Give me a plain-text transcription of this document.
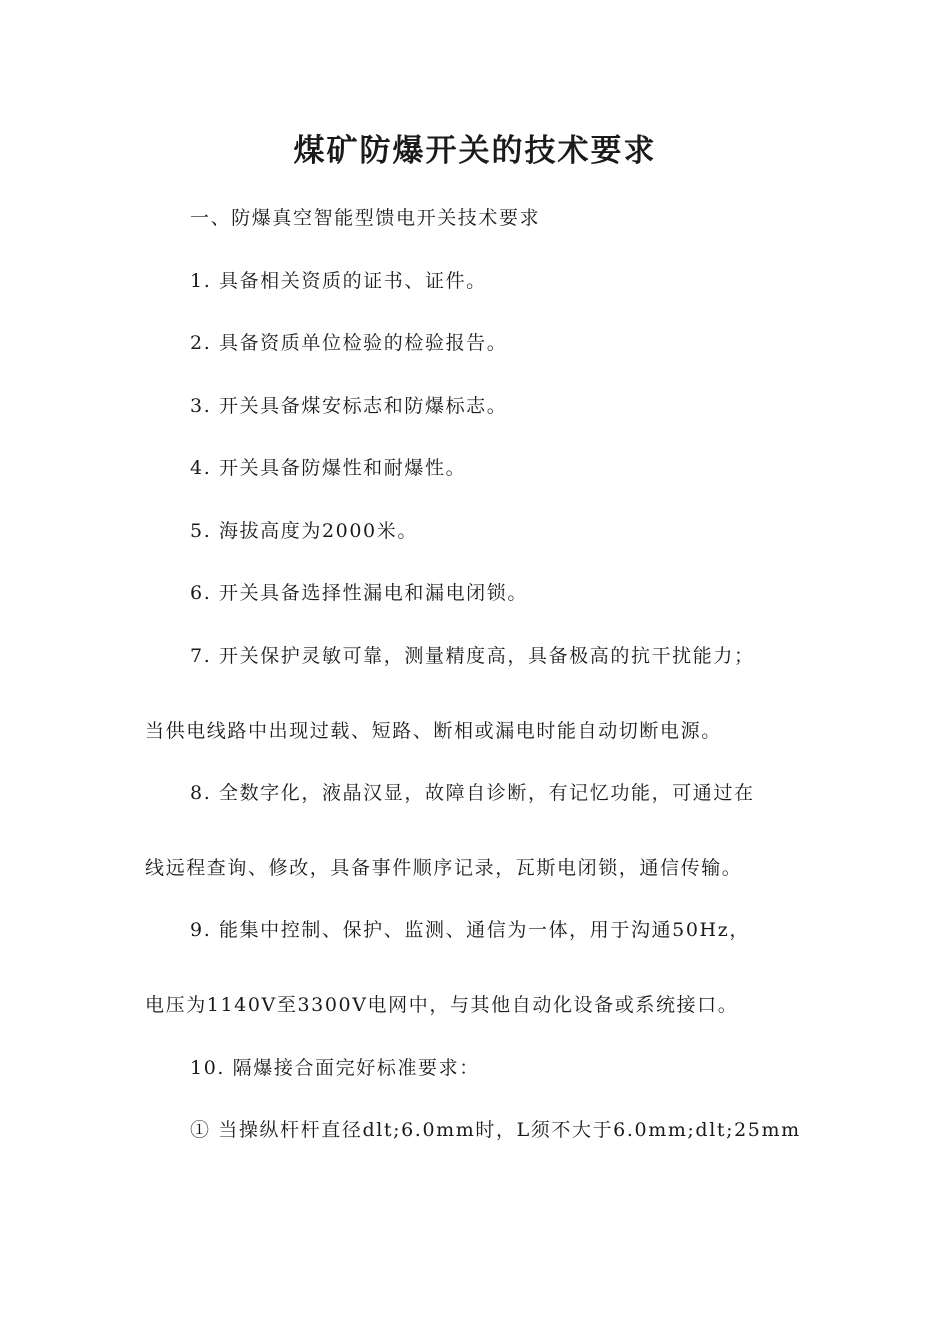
煤矿防爆开关的技术要求
一、防爆真空智能型馈电开关技术要求
1. 具备相关资质的证书、证件。
2. 具备资质单位检验的检验报告。
3. 开关具备煤安标志和防爆标志。
4. 开关具备防爆性和耐爆性。
5. 海拔高度为2000米。
6. 开关具备选择性漏电和漏电闭锁。
7. 开关保护灵敏可靠，测量精度高，具备极高的抗干扰能力；
当供电线路中出现过载、短路、断相或漏电时能自动切断电源。
8. 全数字化，液晶汉显，故障自诊断，有记忆功能，可通过在
线远程查询、修改，具备事件顺序记录，瓦斯电闭锁，通信传输。
9. 能集中控制、保护、监测、通信为一体，用于沟通50Hz，
电压为1140V至3300V电网中，与其他自动化设备或系统接口。
10. 隔爆接合面完好标准要求：
① 当操纵杆杆直径dlt;6.0mm时，L须不大于6.0mm;dlt;25mm
